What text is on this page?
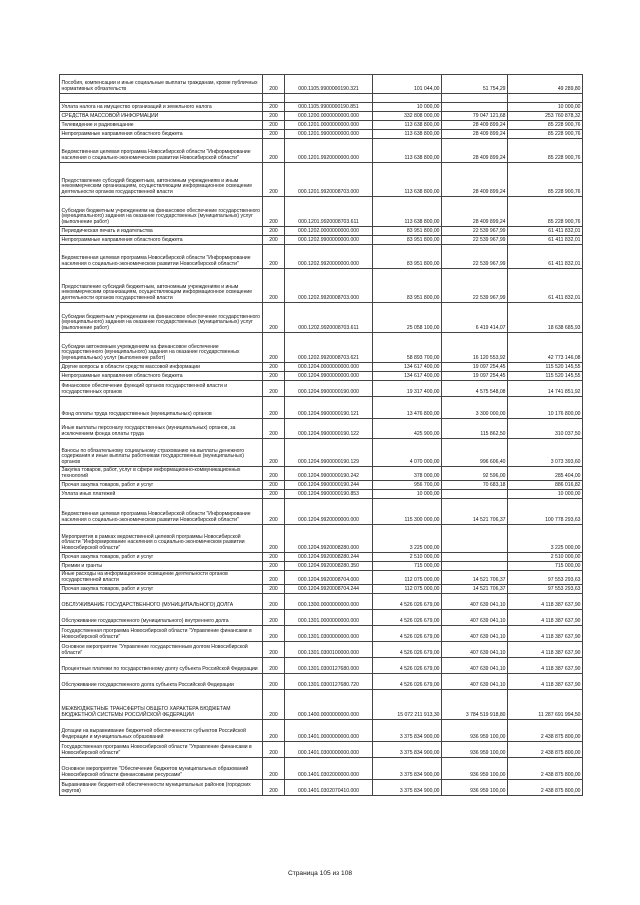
Пособия, компенсации и иные социальные выплаты гражданам, кроме публичных нормативных обязательств	200	000.1105.9900000190.321	101 044,00	51 754,29	49 289,80

Уплата налога на имущество организаций и земельного налога	200	000.1105.9900000190.851	10 000,00		10 000,00
СРЕДСТВА МАССОВОЙ ИНФОРМАЦИИ	200	000.1200.0000000000.000	332 808 000,00	79 047 121,68	253 760 878,32
Телевидение и радиовещание	200	000.1201.0000000000.000	113 638 800,00	28 409 899,24	85 228 900,76
Непрограммные направления областного бюджета	200	000.1201.9900000000.000	113 638 800,00	28 409 899,24	85 228 900,76
Ведомственная целевая программа Новосибирской области "Информирование населения о социально-экономическом развитии Новосибирской области"	200	000.1201.9920000000.000	113 638 800,00	28 409 899,24	85 228 900,76
Предоставление субсидий бюджетным, автономным учреждениям и иным некоммерческим организациям, осуществляющим информационное освещение деятельности органов государственной власти	200	000.1201.9920008703.000	113 638 800,00	28 409 899,24	85 228 900,76
Субсидии бюджетным учреждениям на финансовое обеспечение государственного (муниципального) задания на оказание государственных (муниципальных) услуг (выполнение работ)	200	000.1201.9920008703.611	113 638 800,00	28 409 899,24	85 228 900,76
Периодическая печать и издательства	200	000.1202.0000000000.000	83 951 800,00	22 539 967,99	61 411 832,01
Непрограммные направления областного бюджета	200	000.1202.9900000000.000	83 951 800,00	22 539 967,99	61 411 832,01
Ведомственная целевая программа Новосибирской области "Информирование населения о социально-экономическом развитии Новосибирской области"	200	000.1202.9920000000.000	83 951 800,00	22 539 967,99	61 411 832,01
Предоставление субсидий бюджетным, автономным учреждениям и иным некоммерческим организациям, осуществляющим информационное освещение деятельности органов государственной власти	200	000.1202.9920008703.000	83 951 800,00	22 539 967,99	61 411 832,01
Субсидии бюджетным учреждениям на финансовое обеспечение государственного (муниципального) задания на оказание государственных (муниципальных) услуг (выполнение работ)	200	000.1202.9920008703.611	25 058 100,00	6 419 414,07	18 638 685,93
Субсидии автономным учреждениям на финансовое обеспечение государственного (муниципального) задания на оказание государственных (муниципальных) услуг (выполнение работ)	200	000.1202.9920008703.621	58 893 700,00	16 120 553,92	42 773 146,08
Другие вопросы в области средств массовой информации	200	000.1204.0000000000.000	134 617 400,00	19 097 254,45	115 520 145,55
Непрограммные направления областного бюджета	200	000.1204.9900000000.000	134 617 400,00	19 097 254,45	115 520 145,55
Финансовое обеспечение функций органов государственной власти и государственных органов	200	000.1204.9900000190.000	19 317 400,00	4 575 548,08	14 741 851,92
Фонд оплаты труда государственных (муниципальных) органов	200	000.1204.9900000190.121	13 476 800,00	3 300 000,00	10 176 800,00
Иные выплаты персоналу государственных (муниципальных) органов, за исключением фонда оплаты труда	200	000.1204.9900000190.122	425 900,00	115 862,50	310 037,50
Взносы по обязательному социальному страхованию на выплаты денежного содержания и иные выплаты работникам государственных (муниципальных) органов	200	000.1204.9900000190.129	4 070 000,00	996 606,40	3 073 393,60
Закупка товаров, работ, услуг в сфере информационно-коммуникационных технологий	200	000.1204.9900000190.242	378 000,00	92 596,00	285 404,00
Прочая закупка товаров, работ и услуг	200	000.1204.9900000190.244	956 700,00	70 683,18	886 016,82
Уплата иных платежей	200	000.1204.9900000190.853	10 000,00		10 000,00
Ведомственная целевая программа Новосибирской области "Информирование населения о социально-экономическом развитии Новосибирской области"	200	000.1204.9920000000.000	115 300 000,00	14 521 706,37	100 778 293,63
Мероприятия в рамках ведомственной целевой программы Новосибирской области "Информирование населения о социально-экономическом развитии Новосибирской области"	200	000.1204.9920008280.000	3 225 000,00		3 225 000,00
Прочая закупка товаров, работ и услуг	200	000.1204.9920008280.244	2 510 000,00		2 510 000,00
Премии и гранты	200	000.1204.9920008280.350	715 000,00		715 000,00
Иные расходы на информационное освещение деятельности органов государственной власти	200	000.1204.9920008704.000	112 075 000,00	14 521 706,37	97 553 293,63
Прочая закупка товаров, работ и услуг	200	000.1204.9920008704.244	112 075 000,00	14 521 706,37	97 553 293,63
ОБСЛУЖИВАНИЕ ГОСУДАРСТВЕННОГО (МУНИЦИПАЛЬНОГО) ДОЛГА	200	000.1300.0000000000.000	4 526 026 679,00	407 639 041,10	4 118 387 637,90
Обслуживание государственного (муниципального) внутреннего долга	200	000.1301.0000000000.000	4 526 026 679,00	407 639 041,10	4 118 387 637,90
Государственная программа Новосибирской области "Управление финансами в Новосибирской области"	200	000.1301.0300000000.000	4 526 026 679,00	407 639 041,10	4 118 387 637,90
Основное мероприятие "Управление государственным долгом Новосибирской области"	200	000.1301.0300100000.000	4 526 026 679,00	407 639 041,10	4 118 387 637,90
Процентные платежи по государственному долгу субъекта Российской Федерации	200	000.1301.0300127680.000	4 526 026 679,00	407 639 041,10	4 118 387 637,90
Обслуживание государственного долга субъекта Российской Федерации	200	000.1301.0300127680.720	4 526 026 679,00	407 639 041,10	4 118 387 637,90
МЕЖБЮДЖЕТНЫЕ ТРАНСФЕРТЫ ОБЩЕГО ХАРАКТЕРА БЮДЖЕТАМ БЮДЖЕТНОЙ СИСТЕМЫ РОССИЙСКОЙ ФЕДЕРАЦИИ	200	000.1400.0000000000.000	15 072 211 913,30	3 784 519 918,80	11 287 691 994,50
Дотации на выравнивание бюджетной обеспеченности субъектов Российской Федерации и муниципальных образований	200	000.1401.0000000000.000	3 375 834 900,00	936 959 100,00	2 438 875 800,00
Государственная программа Новосибирской области "Управление финансами в Новосибирской области"	200	000.1401.0300000000.000	3 375 834 900,00	936 959 100,00	2 438 875 800,00
Основное мероприятие "Обеспечение бюджетов муниципальных образований Новосибирской области финансовыми ресурсами"	200	000.1401.0302000000.000	3 375 834 900,00	936 959 100,00	2 438 875 800,00
Выравнивание бюджетной обеспеченности муниципальных районов (городских округов)	200	000.1401.0302070410.000	3 375 834 900,00	936 959 100,00	2 438 875 800,00
Страница 105 из 108
